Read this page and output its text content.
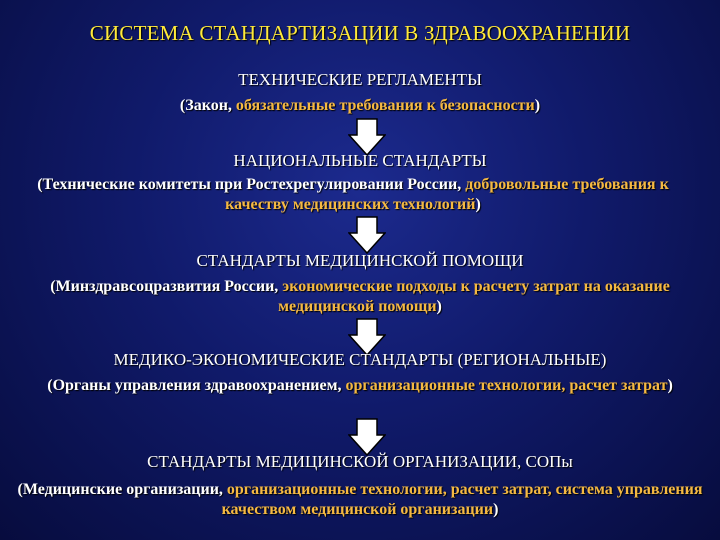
СИСТЕМА СТАНДАРТИЗАЦИИ В ЗДРАВООХРАНЕНИИ
ТЕХНИЧЕСКИЕ РЕГЛАМЕНТЫ
(Закон, обязательные требования к безопасности)
НАЦИОНАЛЬНЫЕ СТАНДАРТЫ
(Технические комитеты при Ростехрегулировании России, добровольные требования к качеству медицинских технологий)
СТАНДАРТЫ МЕДИЦИНСКОЙ ПОМОЩИ
(Минздравсоцразвития России, экономические подходы к расчету затрат на оказание медицинской помощи)
МЕДИКО-ЭКОНОМИЧЕСКИЕ СТАНДАРТЫ (РЕГИОНАЛЬНЫЕ)
(Органы управления здравоохранением, организационные технологии, расчет затрат)
СТАНДАРТЫ МЕДИЦИНСКОЙ ОРГАНИЗАЦИИ, СОПы
(Медицинские организации, организационные технологии, расчет затрат, система управления качеством медицинской организации)
